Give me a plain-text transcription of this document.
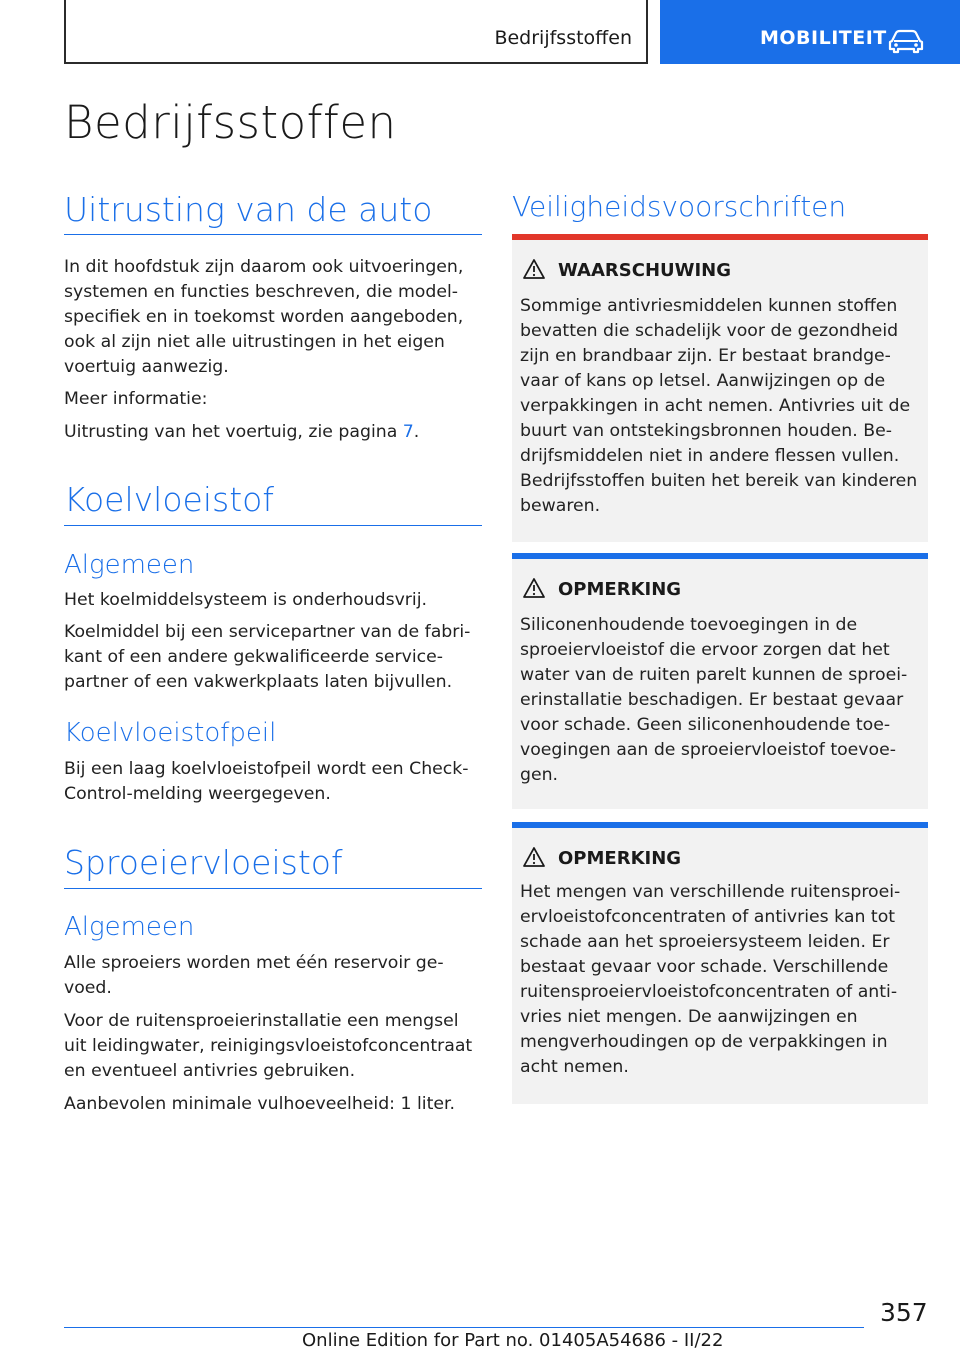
Bedrijfsstoffen	MOBILITEIT
Bedrijfsstoffen
Uitrusting van de auto
In dit hoofdstuk zijn daarom ook uitvoeringen, systemen en functies beschreven, die model-specifiek en in toekomst worden aangeboden, ook al zijn niet alle uitrustingen in het eigen voertuig aanwezig.
Meer informatie:
Uitrusting van het voertuig, zie pagina 7.
Koelvloeistof
Algemeen
Het koelmiddelsysteem is onderhoudsvrij.
Koelmiddel bij een servicepartner van de fabri-kant of een andere gekwalificeerde service-partner of een vakwerkplaats laten bijvullen.
Koelvloeistofpeil
Bij een laag koelvloeistofpeil wordt een Check-Control-melding weergegeven.
Sproeiervloeistof
Algemeen
Alle sproeiers worden met één reservoir ge-voed.
Voor de ruitensproeierinstallatie een mengsel uit leidingwater, reinigingsvloeistofconcentraat en eventueel antivries gebruiken.
Aanbevolen minimale vulhoeveelheid: 1 liter.
Veiligheidsvoorschriften
WAARSCHUWING
Sommige antivriesmiddelen kunnen stoffen bevatten die schadelijk voor de gezondheid zijn en brandbaar zijn. Er bestaat brandge-vaar of kans op letsel. Aanwijzingen op de verpakkingen in acht nemen. Antivries uit de buurt van ontstekingsbronnen houden. Be-drijfsmiddelen niet in andere flessen vullen. Bedrijfsstoffen buiten het bereik van kinderen bewaren.
OPMERKING
Siliconenhoudende toevoegingen in de sproeiervloeistof die ervoor zorgen dat het water van de ruiten parelt kunnen de sproei-erinstallatie beschadigen. Er bestaat gevaar voor schade. Geen siliconenhoudende toe-voegingen aan de sproeiervloeistof toevoe-gen.
OPMERKING
Het mengen van verschillende ruitensproei-ervloeistofconcentraten of antivries kan tot schade aan het sproeiersysteem leiden. Er bestaat gevaar voor schade. Verschillende ruitensproeiervloeistofconcentraten of anti-vries niet mengen. De aanwijzingen en mengverhoudingen op de verpakkingen in acht nemen.
357
Online Edition for Part no. 01405A54686 - II/22
